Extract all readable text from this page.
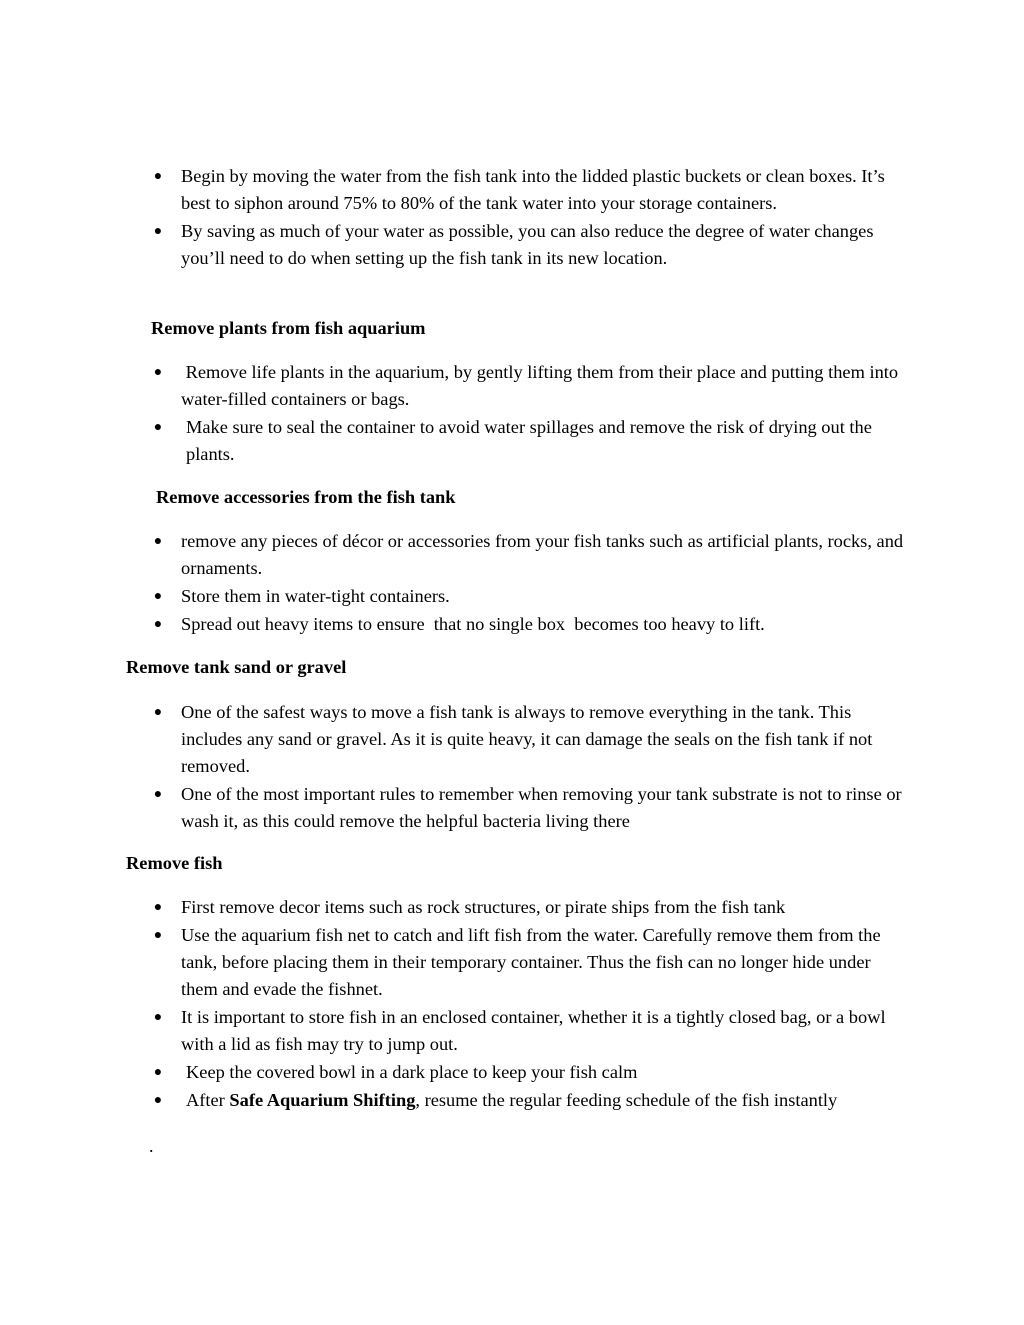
●	Begin by moving the water from the fish tank into the lidded plastic buckets or clean boxes. It’s best to siphon around 75% to 80% of the tank water into your storage containers.
●	By saving as much of your water as possible, you can also reduce the degree of water changes you’ll need to do when setting up the fish tank in its new location.
Remove plants from fish aquarium
●	Remove life plants in the aquarium, by gently lifting them from their place and putting them into water-filled containers or bags.
●	Make sure to seal the container to avoid water spillages and remove the risk of drying out the plants.
Remove accessories from the fish tank
●	remove any pieces of décor or accessories from your fish tanks such as artificial plants, rocks, and ornaments.
●	Store them in water-tight containers.
●	Spread out heavy items to ensure  that no single box  becomes too heavy to lift.
Remove tank sand or gravel
●	One of the safest ways to move a fish tank is always to remove everything in the tank. This includes any sand or gravel. As it is quite heavy, it can damage the seals on the fish tank if not removed.
●	One of the most important rules to remember when removing your tank substrate is not to rinse or wash it, as this could remove the helpful bacteria living there
Remove fish
●	First remove decor items such as rock structures, or pirate ships from the fish tank
●	Use the aquarium fish net to catch and lift fish from the water. Carefully remove them from the tank, before placing them in their temporary container. Thus the fish can no longer hide under them and evade the fishnet.
●	It is important to store fish in an enclosed container, whether it is a tightly closed bag, or a bowl with a lid as fish may try to jump out.
●	Keep the covered bowl in a dark place to keep your fish calm
●	After Safe Aquarium Shifting, resume the regular feeding schedule of the fish instantly
.
